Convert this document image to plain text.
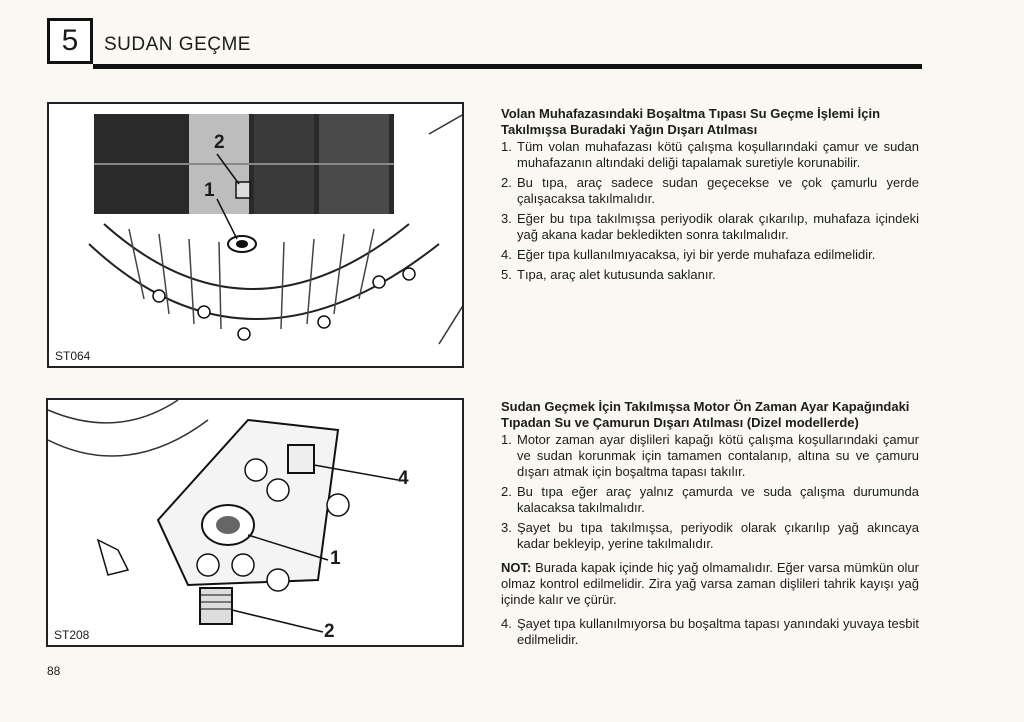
5 SUDAN GEÇME
2
1
ST064
4
1
2
ST208
Volan Muhafazasındaki Boşaltma Tıpası Su Geçme İşlemi İçin Takılmışsa Buradaki Yağın Dışarı Atılması
1. Tüm volan muhafazası kötü çalışma koşullarındaki çamur ve sudan muhafazanın altındaki deliği tapalamak suretiyle korunabilir.
2. Bu tıpa, araç sadece sudan geçecekse ve çok çamurlu yerde çalışacaksa takılmalıdır.
3. Eğer bu tıpa takılmışsa periyodik olarak çıkarılıp, muhafaza içindeki yağ akana kadar bekledikten sonra takılmalıdır.
4. Eğer tıpa kullanılmıyacaksa, iyi bir yerde muhafaza edilmelidir.
5. Tıpa, araç alet kutusunda saklanır.
Sudan Geçmek İçin Takılmışsa Motor Ön Zaman Ayar Kapağındaki Tıpadan Su ve Çamurun Dışarı Atılması (Dizel modellerde)
1. Motor zaman ayar dişlileri kapağı kötü çalışma koşullarındaki çamur ve sudan korunmak için tamamen contalanıp, altına su ve çamuru dışarı atmak için boşaltma tapası takılır.
2. Bu tıpa eğer araç yalnız çamurda ve suda çalışma durumunda kalacaksa takılmalıdır.
3. Şayet bu tıpa takılmışsa, periyodik olarak çıkarılıp yağ akıncaya kadar bekleyip, yerine takılmalıdır.
NOT: Burada kapak içinde hiç yağ olmamalıdır. Eğer varsa mümkün olur olmaz kontrol edilmelidir. Zira yağ varsa zaman dişlileri tahrik kayışı yağ içinde kalır ve çürür.
4. Şayet tıpa kullanılmıyorsa bu boşaltma tapası yanındaki yuvaya tesbit edilmelidir.
88
